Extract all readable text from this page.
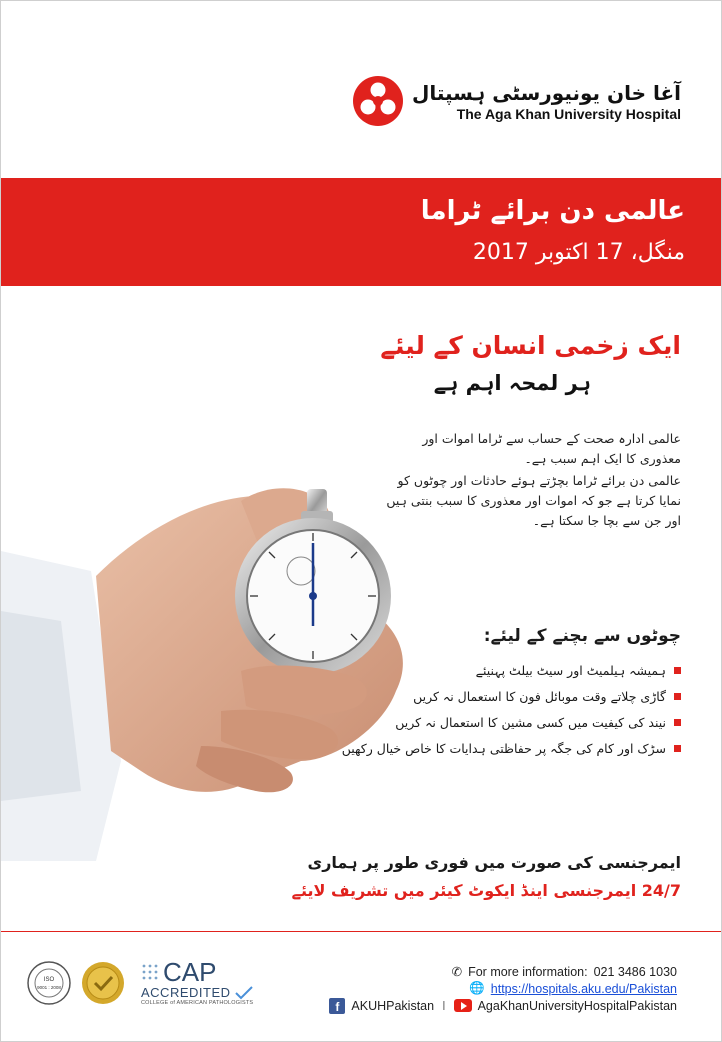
آغا خان یونیورسٹی ہسپتال
The Aga Khan University Hospital
عالمی دن برائے ٹراما
منگل، 17 اکتوبر 2017
ایک زخمی انسان کے لیئے
ہر لمحہ اہم ہے

عالمی ادارہ صحت کے حساب سے ٹراما اموات اور معذوری کا ایک اہم سبب ہے۔

عالمی دن برائے ٹراما بچڑتے ہوئے حادثات اور چوٹوں کو نمایا کرتا ہے جو کہ اموات اور معذوری کا سبب بنتی ہیں اور جن سے بچا جا سکتا ہے۔

چوٹوں سے بچنے کے لیئے:
ہمیشہ ہیلمیٹ اور سیٹ بیلٹ پہنیئے
گاڑی چلاتے وقت موبائل فون کا استعمال نہ کریں
نیند کی کیفیت میں کسی مشین کا استعمال نہ کریں
سڑک اور کام کی جگہ پر حفاظتی ہدایات کا خاص خیال رکھیں
ایمرجنسی کی صورت میں فوری طور پر ہماری
24/7 ایمرجنسی اینڈ ایکوٹ کیئر میں تشریف لایئے
ISO
9001 : 2008	CAP
ACCREDITED
COLLEGE of AMERICAN PATHOLOGISTS
✆ For more information: 021 3486 1030
🌐 https://hospitals.aku.edu/Pakistan
f AKUHPakistan I	AgaKhanUniversityHospitalPakistan
